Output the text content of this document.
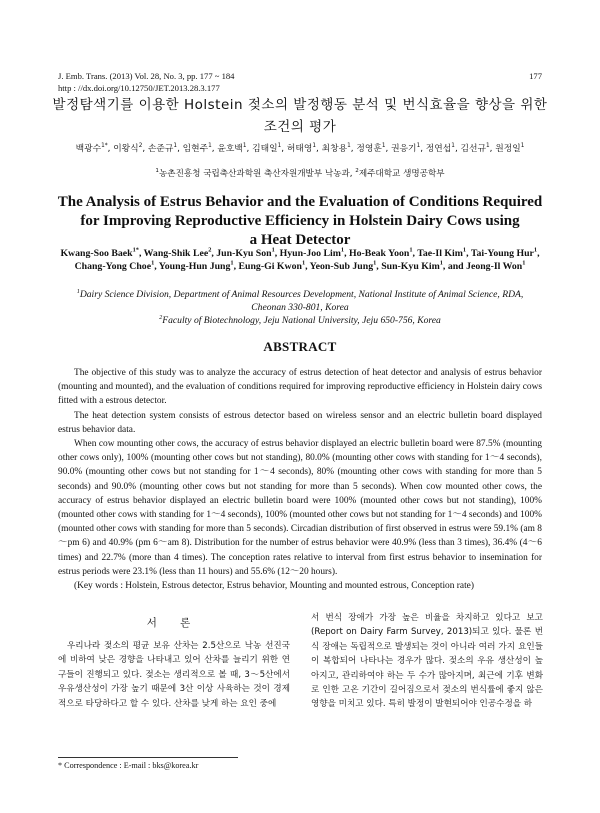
J. Emb. Trans. (2013) Vol. 28, No. 3, pp. 177 ~ 184
http : //dx.doi.org/10.12750/JET.2013.28.3.177
177
발정탐색기를 이용한 Holstein 젖소의 발정행동 분석 및 번식효율을 향상을 위한
조건의 평가
백광수$^{1*}$, 이왕식$^2$, 손준규$^1$, 임현주$^1$, 윤호백$^1$, 김태일$^1$, 허태영$^1$, 최창용$^1$, 정영훈$^1$, 권응기$^1$, 정연섭$^1$, 김선규$^1$, 원정일$^1$
$^1$농촌진흥청 국립축산과학원 축산자원개발부 낙농과, $^2$제주대학교 생명공학부
The Analysis of Estrus Behavior and the Evaluation of Conditions Required
for Improving Reproductive Efficiency in Holstein Dairy Cows using
a Heat Detector
Kwang-Soo Baek$^{1*}$, Wang-Shik Lee$^2$, Jun-Kyu Son$^1$, Hyun-Joo Lim$^1$, Ho-Beak Yoon$^1$, Tae-Il Kim$^1$, Tai-Young Hur$^1$, Chang-Yong Choe$^1$, Young-Hun Jung$^1$, Eung-Gi Kwon$^1$, Yeon-Sub Jung$^1$, Sun-Kyu Kim$^1$, and Jeong-Il Won$^1$
$^1$Dairy Science Division, Department of Animal Resources Development, National Institute of Animal Science, RDA,
Cheonan 330-801, Korea
$^2$Faculty of Biotechnology, Jeju National University, Jeju 650-756, Korea
ABSTRACT

The objective of this study was to analyze the accuracy of estrus detection of heat detector and analysis of estrus behavior (mounting and mounted), and the evaluation of conditions required for improving reproductive efficiency in Holstein dairy cows fitted with a estrous detector.

The heat detection system consists of estrous detector based on wireless sensor and an electric bulletin board displayed estrus behavior data.

When cow mounting other cows, the accuracy of estrus behavior displayed an electric bulletin board were 87.5% (mounting other cows only), 100% (mounting other cows but not standing), 80.0% (mounting other cows with standing for 1～4 seconds), 90.0% (mounting other cows but not standing for 1～4 seconds), 80% (mounting other cows with standing for more than 5 seconds) and 90.0% (mounting other cows but not standing for more than 5 seconds). When cow mounted other cows, the accuracy of estrus behavior displayed an electric bulletin board were 100% (mounted other cows but not standing), 100% (mounted other cows with standing for 1～4 seconds), 100% (mounted other cows but not standing for 1～4 seconds) and 100% (mounted other cows with standing for more than 5 seconds). Circadian distribution of first observed in estrus were 59.1% (am 8～pm 6) and 40.9% (pm 6～am 8). Distribution for the number of estrus behavior were 40.9% (less than 3 times), 36.4% (4～6 times) and 22.7% (more than 4 times). The conception rates relative to interval from first estrus behavior to insemination for estrus periods were 23.1% (less than 11 hours) and 55.6% (12～20 hours).

(Key words : Holstein, Estrous detector, Estrus behavior, Mounting and mounted estrous, Conception rate)

서 론

우리나라 젖소의 평균 보유 산차는 2.5산으로 낙농 선진국에 비하여 낮은 경향을 나타내고 있어 산차를 늘리기 위한 연구들이 진행되고 있다. 젖소는 생리적으로 볼 때, 3～5산에서 우유생산성이 가장 높기 때문에 3산 이상 사육하는 것이 경제적으로 타당하다고 할 수 있다. 산차를 낮게 하는 요인 중에

서 번식 장애가 가장 높은 비율을 차지하고 있다고 보고(Report on Dairy Farm Survey, 2013)되고 있다. 물론 번식 장애는 독립적으로 발생되는 것이 아니라 여러 가지 요인들이 복합되어 나타나는 경우가 많다. 젖소의 우유 생산성이 높아지고, 관리하여야 하는 두 수가 많아지며, 최근에 기후 변화로 인한 고온 기간이 길어짐으로서 젖소의 번식률에 좋지 않은 영향을 미치고 있다. 특히 발정이 발현되어야 인공수정을 하

* Correspondence : E-mail : bks@korea.kr
